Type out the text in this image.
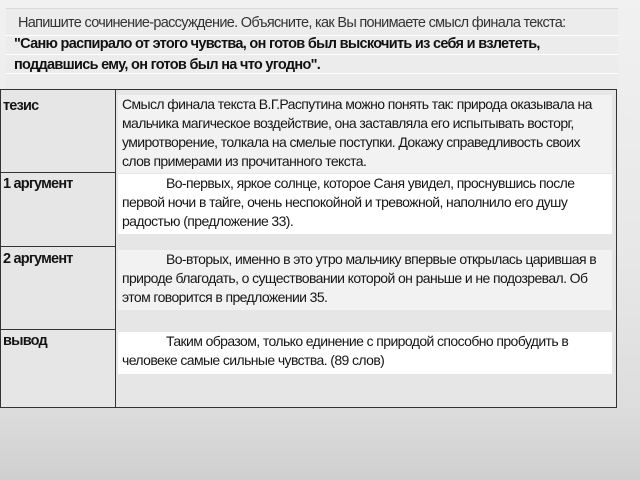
Напишите сочинение-рассуждение. Объясните, как Вы понимаете смысл финала текста: "Саню распирало от этого чувства, он готов был выскочить из себя и взлететь, поддавшись ему, он готов был на что угодно".
тезис
1 аргумент
2 аргумент
вывод
Смысл финала текста В.Г.Распутина можно понять так: природа оказывала на мальчика магическое воздействие, она заставляла его испытывать восторг, умиротворение, толкала на смелые поступки. Докажу справедливость своих слов примерами из прочитанного текста.
Во-первых, яркое солнце, которое Саня увидел, проснувшись после первой ночи в тайге, очень неспокойной и тревожной, наполнило его душу радостью (предложение 33).
Во-вторых, именно в это утро мальчику впервые открылась царившая в природе благодать, о существовании которой он раньше и не подозревал. Об этом говорится в предложении 35.
Таким образом, только единение с природой способно пробудить в человеке самые сильные чувства. (89 слов)
